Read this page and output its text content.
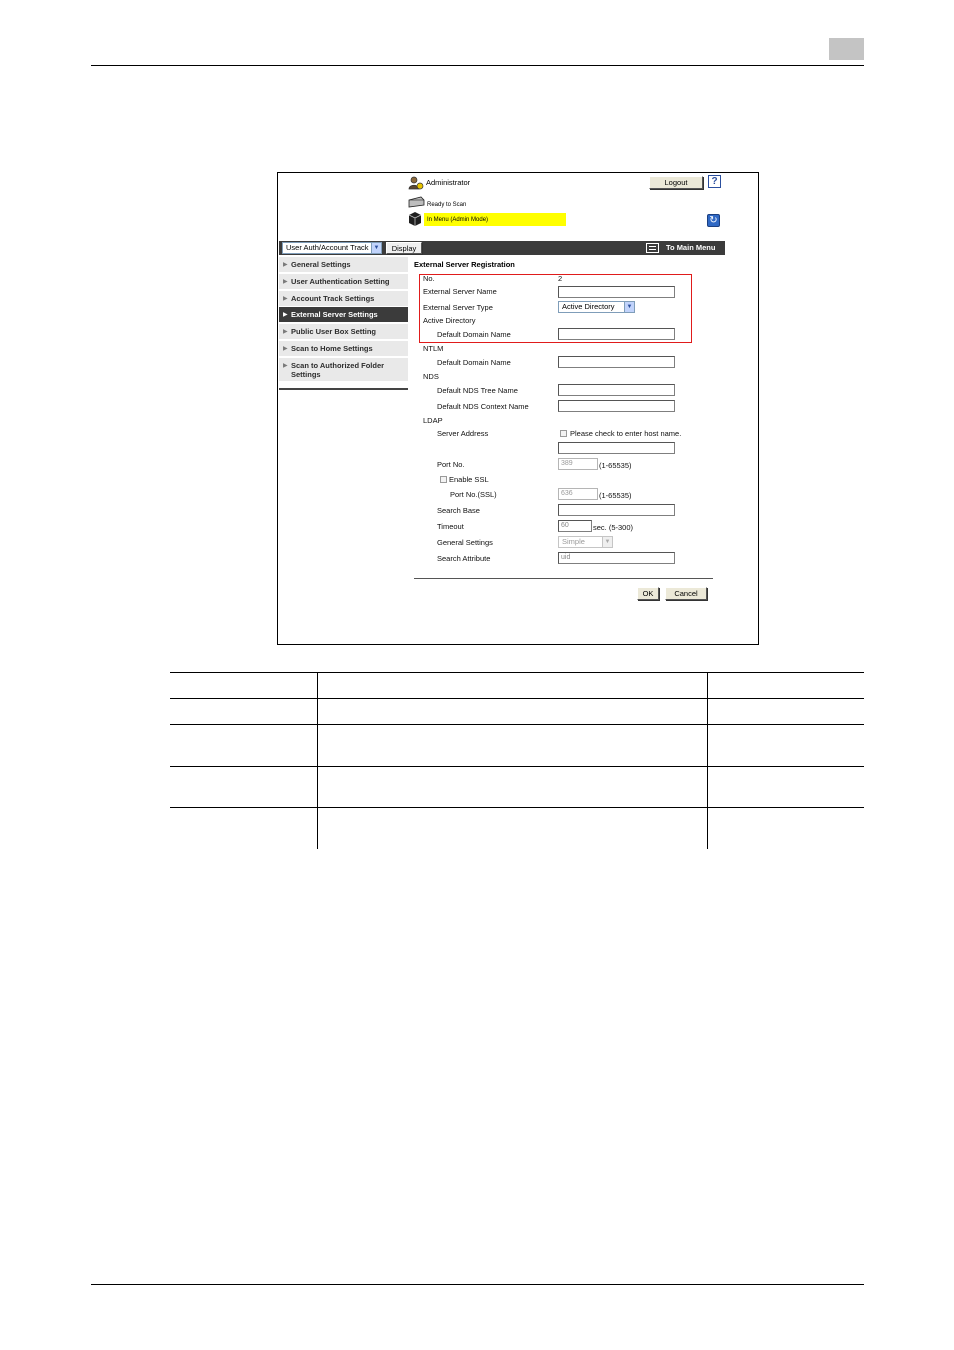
Administrator	Logout	?
Ready to Scan
In Menu (Admin Mode)	↻
User Auth/Account Track ▼	Display	To Main Menu
▶ General Settings
▶ User Authentication Setting
▶ Account Track Settings
▶ External Server Settings
▶ Public User Box Setting
▶ Scan to Home Settings
▶ Scan to Authorized Folder Settings
External Server Registration
No.	2
External Server Name
External Server Type	Active Directory	▼
Active Directory
Default Domain Name
NTLM
Default Domain Name
NDS
Default NDS Tree Name
Default NDS Context Name
LDAP
Server Address	Please check to enter host name.
Port No.	389	(1-65535)
Enable SSL
Port No.(SSL)	636	(1-65535)
Search Base
Timeout	60	sec. (5-300)
General Settings	Simple	▼
Search Attribute	uid
OK	Cancel
